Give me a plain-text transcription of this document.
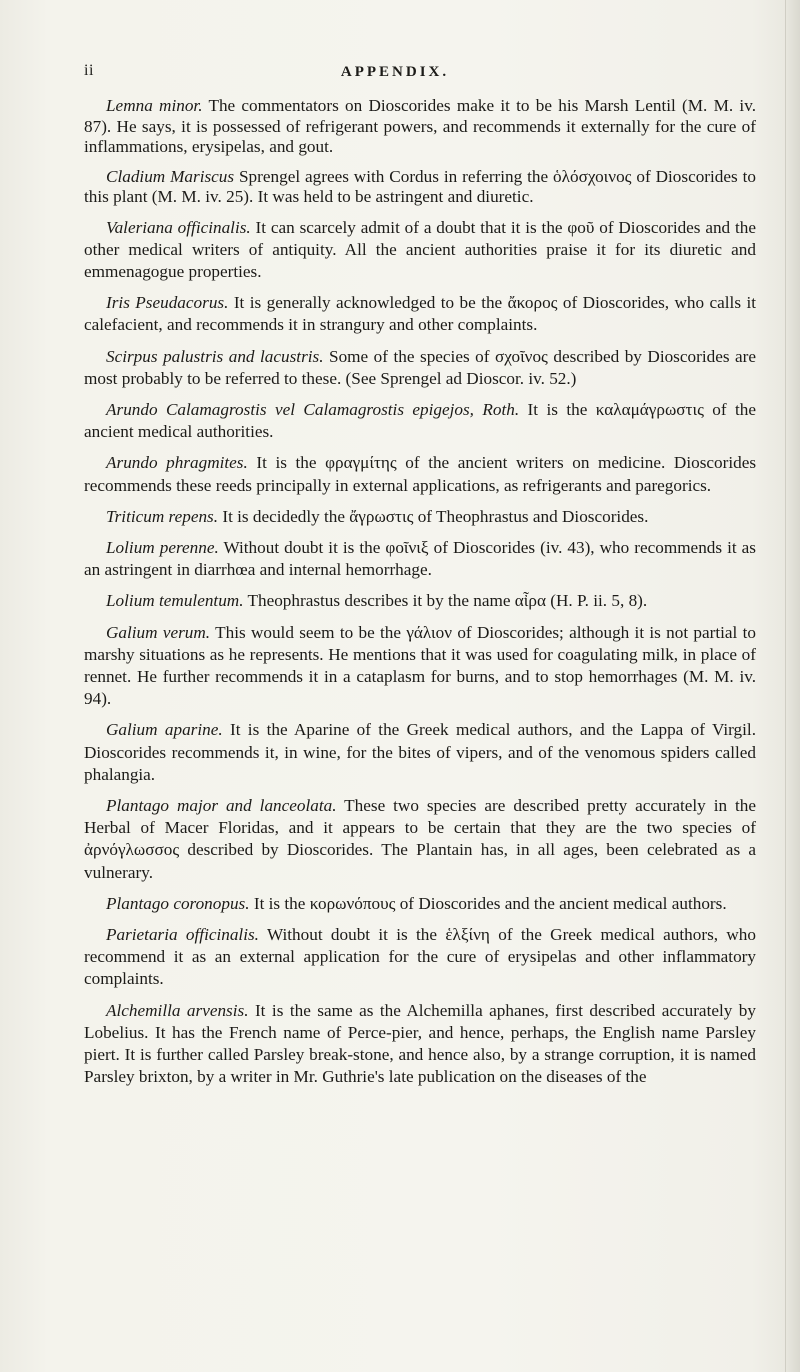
ii	APPENDIX.

Lemna minor. The commentators on Dioscorides make it to be his Marsh Lentil (M. M. iv. 87). He says, it is possessed of refrigerant powers, and recommends it externally for the cure of inflammations, erysipelas, and gout.

Cladium Mariscus Sprengel agrees with Cordus in referring the ὁλόσχοινος of Dioscorides to this plant (M. M. iv. 25). It was held to be astringent and diuretic.

Valeriana officinalis. It can scarcely admit of a doubt that it is the φοῦ of Dioscorides and the other medical writers of antiquity. All the ancient authorities praise it for its diuretic and emmenagogue properties.

Iris Pseudacorus. It is generally acknowledged to be the ἄκορος of Dioscorides, who calls it calefacient, and recommends it in strangury and other complaints.

Scirpus palustris and lacustris. Some of the species of σχοῖνος described by Dioscorides are most probably to be referred to these. (See Sprengel ad Dioscor. iv. 52.)

Arundo Calamagrostis vel Calamagrostis epigejos, Roth. It is the καλαμάγρωστις of the ancient medical authorities.

Arundo phragmites. It is the φραγμίτης of the ancient writers on medicine. Dioscorides recommends these reeds principally in external applications, as refrigerants and paregorics.

Triticum repens. It is decidedly the ἄγρωστις of Theophrastus and Dioscorides.

Lolium perenne. Without doubt it is the φοῖνιξ of Dioscorides (iv. 43), who recommends it as an astringent in diarrhœa and internal hemorrhage.

Lolium temulentum. Theophrastus describes it by the name αἶρα (H. P. ii. 5, 8).

Galium verum. This would seem to be the γάλιον of Dioscorides; although it is not partial to marshy situations as he represents. He mentions that it was used for coagulating milk, in place of rennet. He further recommends it in a cataplasm for burns, and to stop hemorrhages (M. M. iv. 94).

Galium aparine. It is the Aparine of the Greek medical authors, and the Lappa of Virgil. Dioscorides recommends it, in wine, for the bites of vipers, and of the venomous spiders called phalangia.

Plantago major and lanceolata. These two species are described pretty accurately in the Herbal of Macer Floridas, and it appears to be certain that they are the two species of ἀρνόγλωσσος described by Dioscorides. The Plantain has, in all ages, been celebrated as a vulnerary.

Plantago coronopus. It is the κορωνόπους of Dioscorides and the ancient medical authors.

Parietaria officinalis. Without doubt it is the ἑλξίνη of the Greek medical authors, who recommend it as an external application for the cure of erysipelas and other inflammatory complaints.

Alchemilla arvensis. It is the same as the Alchemilla aphanes, first described accurately by Lobelius. It has the French name of Perce-pier, and hence, perhaps, the English name Parsley piert. It is further called Parsley break-stone, and hence also, by a strange corruption, it is named Parsley brixton, by a writer in Mr. Guthrie's late publication on the diseases of the
